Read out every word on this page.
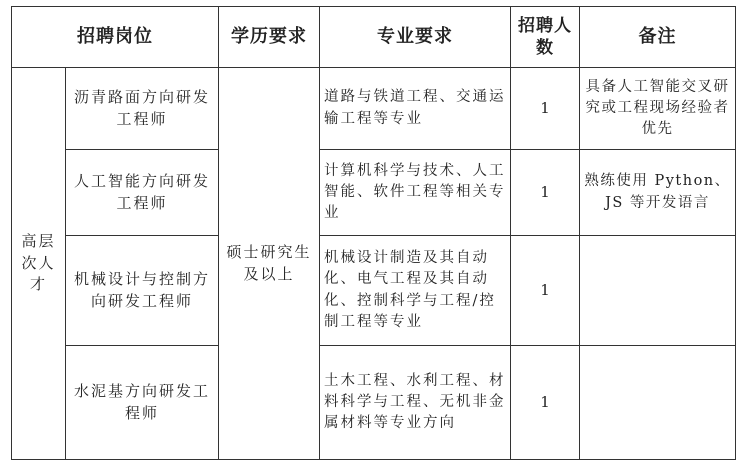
招聘岗位		学历要求	专业要求	招聘人数	备注
高层次人才	沥青路面方向研发工程师	硕士研究生及以上	道路与铁道工程、交通运输工程等专业	1	具备人工智能交叉研究或工程现场经验者优先
	人工智能方向研发工程师		计算机科学与技术、人工智能、软件工程等相关专业	1	熟练使用 Python、JS 等开发语言
	机械设计与控制方向研发工程师		机械设计制造及其自动化、电气工程及其自动化、控制科学与工程/控制工程等专业	1	
	水泥基方向研发工程师		土木工程、水利工程、材料科学与工程、无机非金属材料等专业方向	1	
